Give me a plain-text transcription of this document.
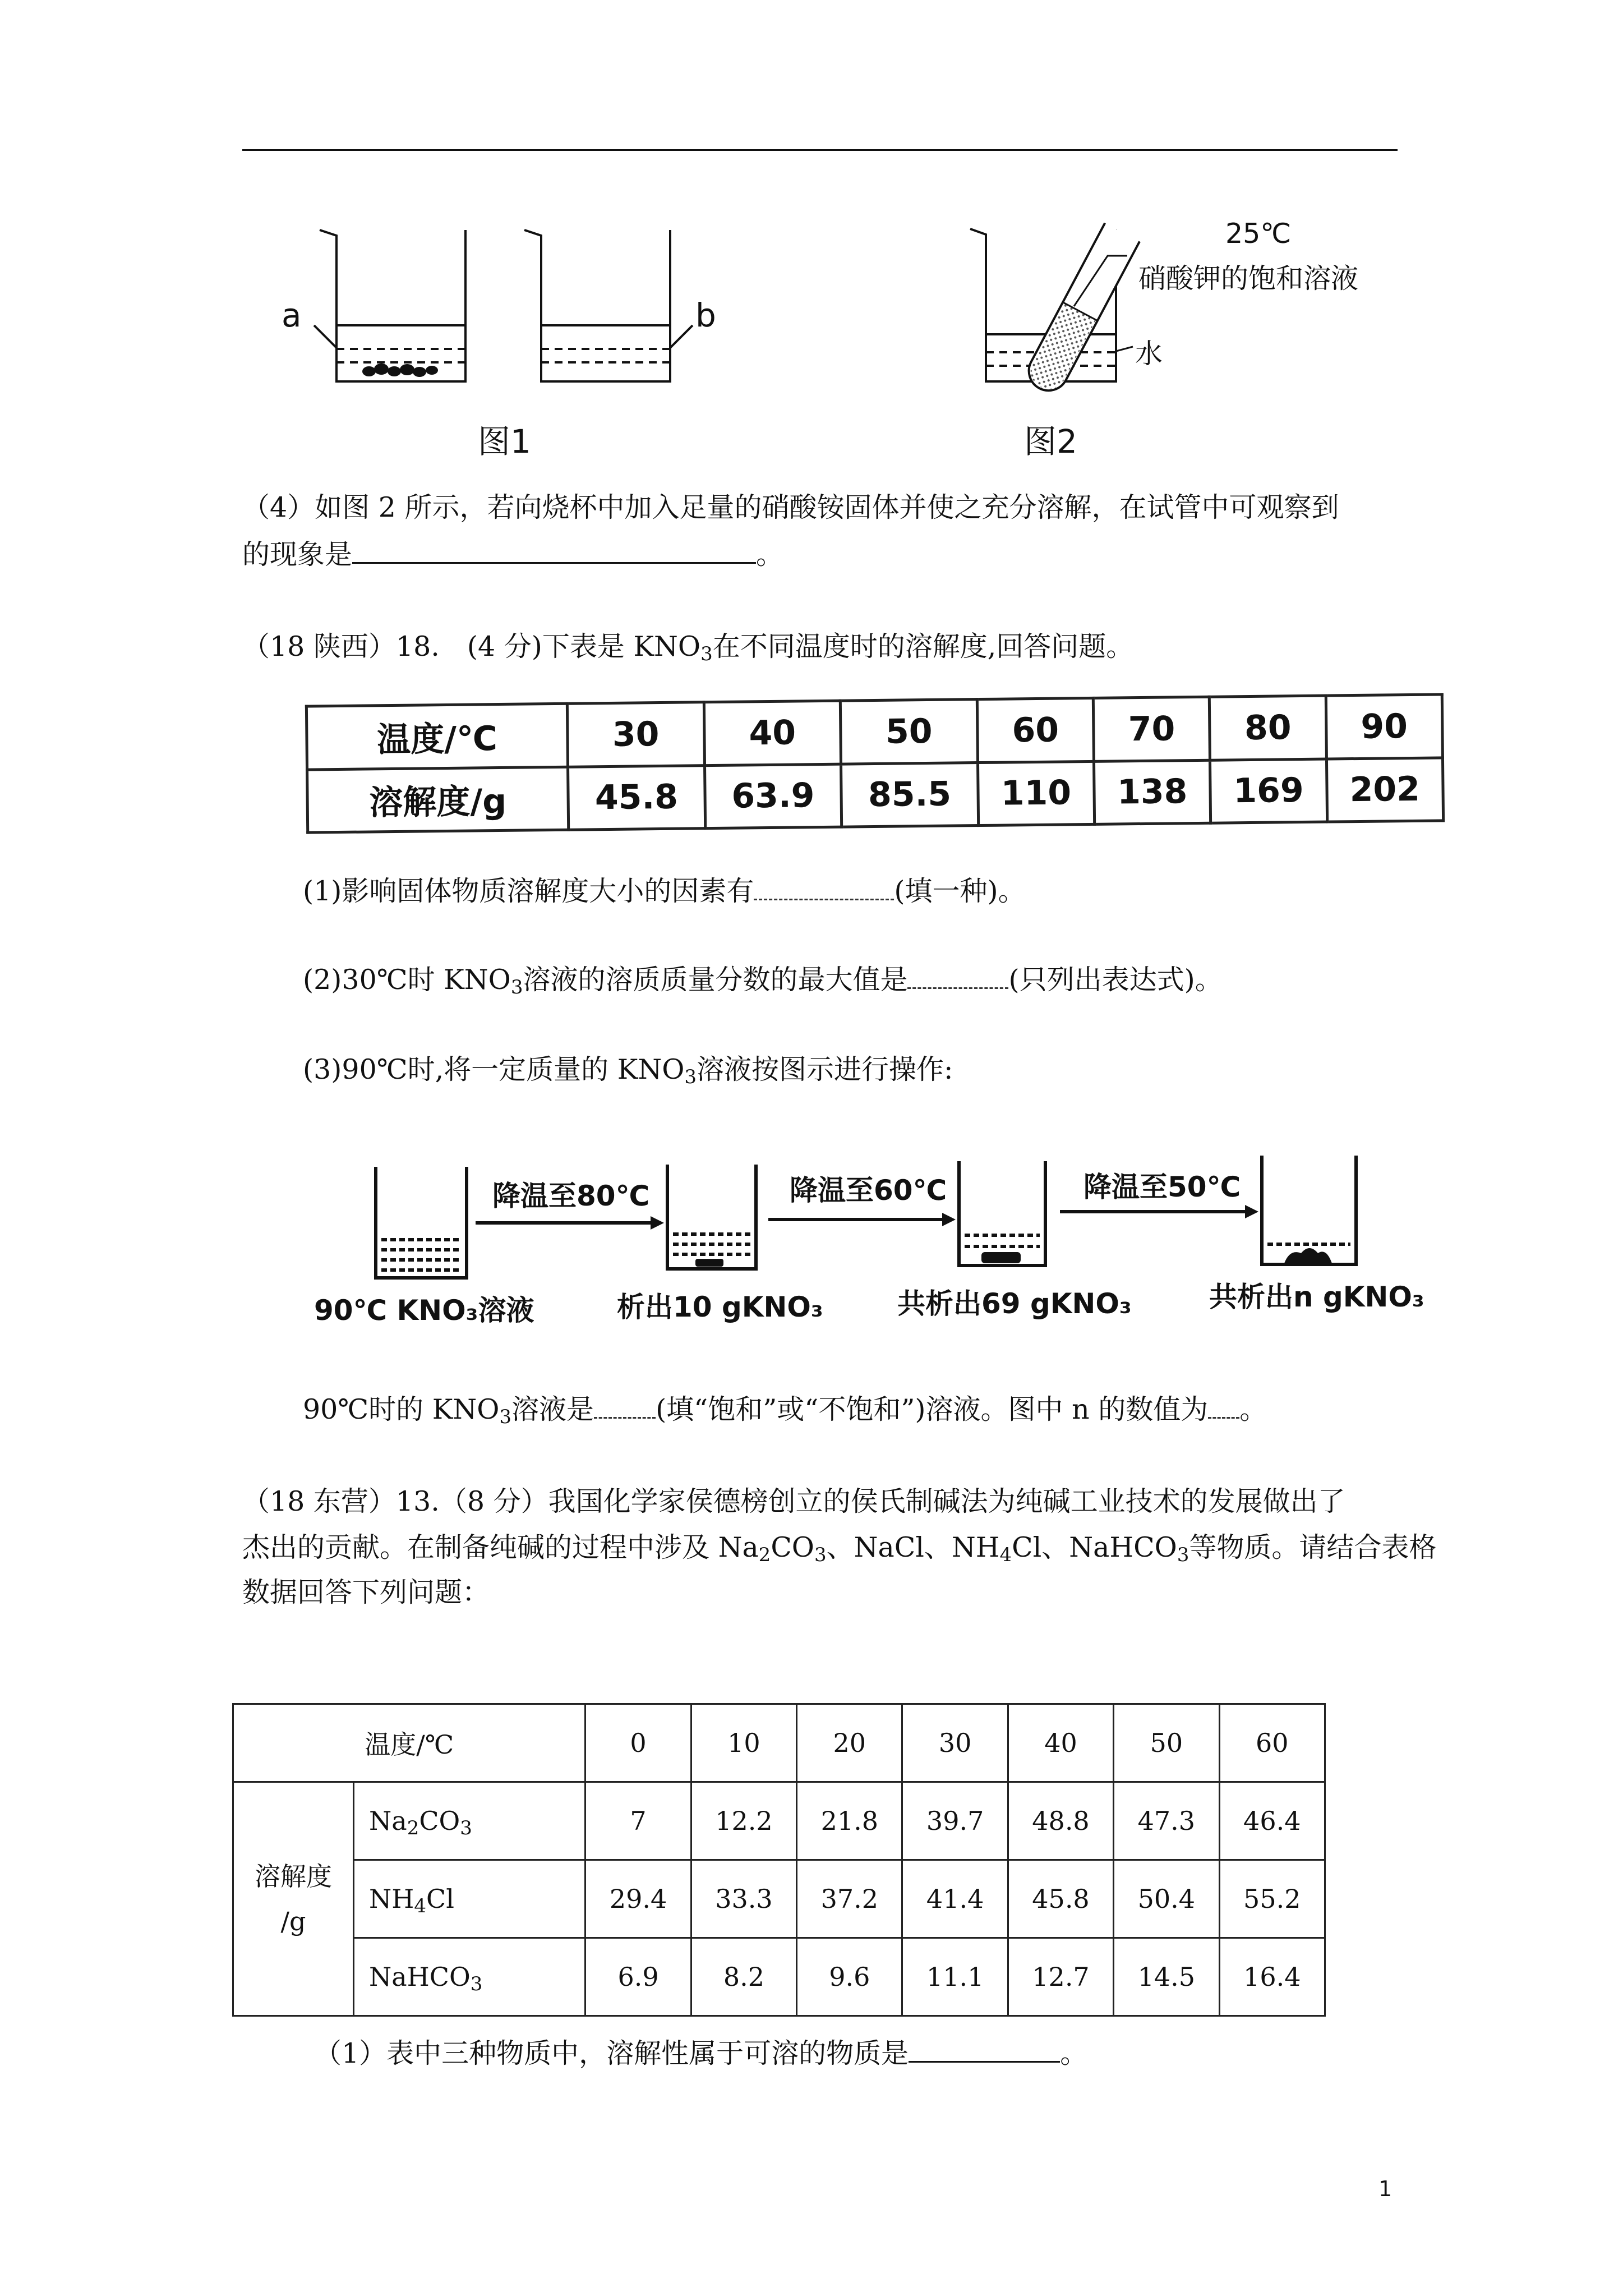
a	b
图1
25℃
硝酸钾的饱和溶液
水
图2
（4）如图 2 所示，若向烧杯中加入足量的硝酸铵固体并使之充分溶解，在试管中可观察到
的现象是	。
（18 陕西）18.　(4 分)下表是 $KNO_3$在不同温度时的溶解度,回答问题。
温度/℃	30	40	50	60	70	80	90
溶解度/g	45.8	63.9	85.5	110	138	169	202
(1)影响固体物质溶解度大小的因素有	(填一种)。
(2)30℃时 $KNO_3$溶液的溶质质量分数的最大值是	(只列出表达式)。
(3)90℃时,将一定质量的 $KNO_3$溶液按图示进行操作:
降温至80℃	降温至60℃	降温至50℃
90℃ KNO₃溶液	析出10 gKNO₃	共析出69 gKNO₃	共析出n gKNO₃
90℃时的 $KNO_3$溶液是 (填“饱和”或“不饱和”)溶液。图中 n 的数值为 。
（18 东营）13.（8 分）我国化学家侯德榜创立的侯氏制碱法为纯碱工业技术的发展做出了
杰出的贡献。在制备纯碱的过程中涉及 $Na_2CO_3$、NaCl、$NH_4Cl$、NaHCO$_3$等物质。请结合表格
数据回答下列问题：
温度/℃		0	10	20	30	40	50	60
溶解度
/g	$Na_2CO_3$	7	12.2	21.8	39.7	48.8	47.3	46.4
	$NH_4Cl$	29.4	33.3	37.2	41.4	45.8	50.4	55.2
	NaHCO$_3$	6.9	8.2	9.6	11.1	12.7	14.5	16.4
（1）表中三种物质中，溶解性属于可溶的物质是	。
1
